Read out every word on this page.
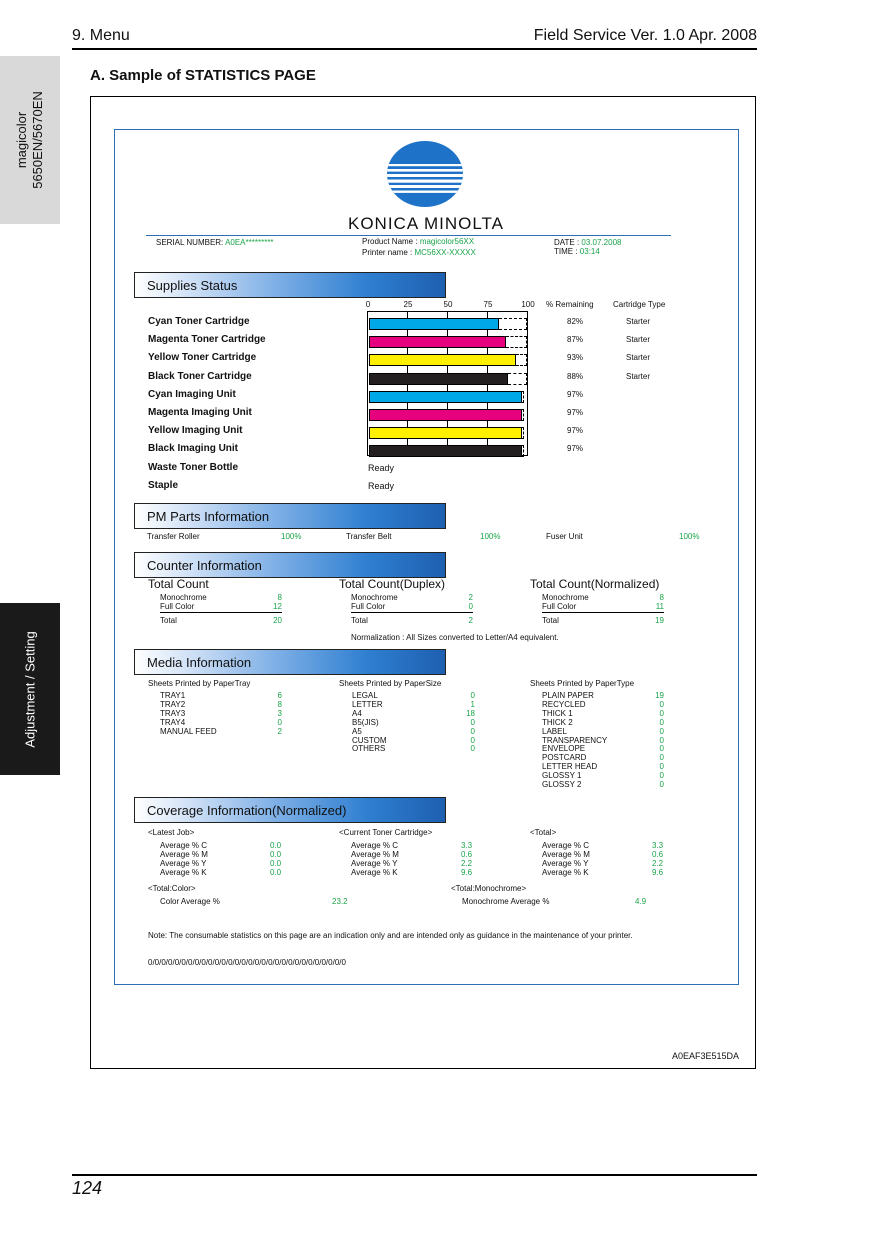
9. Menu	Field Service Ver. 1.0 Apr. 2008
magicolor 5650EN/5670EN
Adjustment / Setting
A. Sample of STATISTICS PAGE
KONICA MINOLTA
SERIAL NUMBER: A0EA*********	Product Name : magicolor56XX
Printer name : MC56XX-XXXXX
DATE : 03.07.2008
TIME : 03:14
Supplies Status
0	25	50	75	100	% Remaining Cartridge Type
Cyan Toner Cartridge	82%	Starter
Magenta Toner Cartridge	87%	Starter
Yellow Toner Cartridge	93%	Starter
Black Toner Cartridge	88%	Starter
Cyan Imaging Unit	97%
Magenta Imaging Unit	97%
Yellow Imaging Unit	97%
Black Imaging Unit	97%
Waste Toner Bottle	Ready
Staple	Ready
PM Parts Information
Transfer Roller	100%	Transfer Belt	100%	Fuser Unit	100%
Counter Information
Total Count
Monochrome	8
Full Color	12
Total	20
Total Count(Duplex)
Monochrome	2
Full Color	0
Total	2
Total Count(Normalized)
Monochrome	8
Full Color	11
Total	19
Normalization : All Sizes converted to Letter/A4 equivalent.
Media Information
Sheets Printed by PaperTray	Sheets Printed by PaperSize	Sheets Printed by PaperType
TRAY1	6
TRAY2	8
TRAY3	3
TRAY4	0
MANUAL FEED	2
LEGAL	0
LETTER	1
A4	18
B5(JIS)	0
A5	0
CUSTOM	0
OTHERS	0
PLAIN PAPER	19
RECYCLED	0
THICK 1	0
THICK 2	0
LABEL	0
TRANSPARENCY	0
ENVELOPE	0
POSTCARD	0
LETTER HEAD	0
GLOSSY 1	0
GLOSSY 2	0
Coverage Information(Normalized)
<Latest Job>
Average % C	0.0
Average % M	0.0
Average % Y	0.0
Average % K	0.0
<Current Toner Cartridge>
Average % C	3.3
Average % M	0.6
Average % Y	2.2
Average % K	9.6
<Total>
Average % C	3.3
Average % M	0.6
Average % Y	2.2
Average % K	9.6
<Total:Color>
Color Average %	23.2
<Total:Monochrome>
Monochrome Average %	4.9
Note: The consumable statistics on this page are an indication only and are intended only as guidance in the maintenance of your printer.
0/0/0/0/0/0/0/0/0/0/0/0/0/0/0/0/0/0/0/0/0/0/0/0/0/0/0/0/0/0
A0EAF3E515DA
124
